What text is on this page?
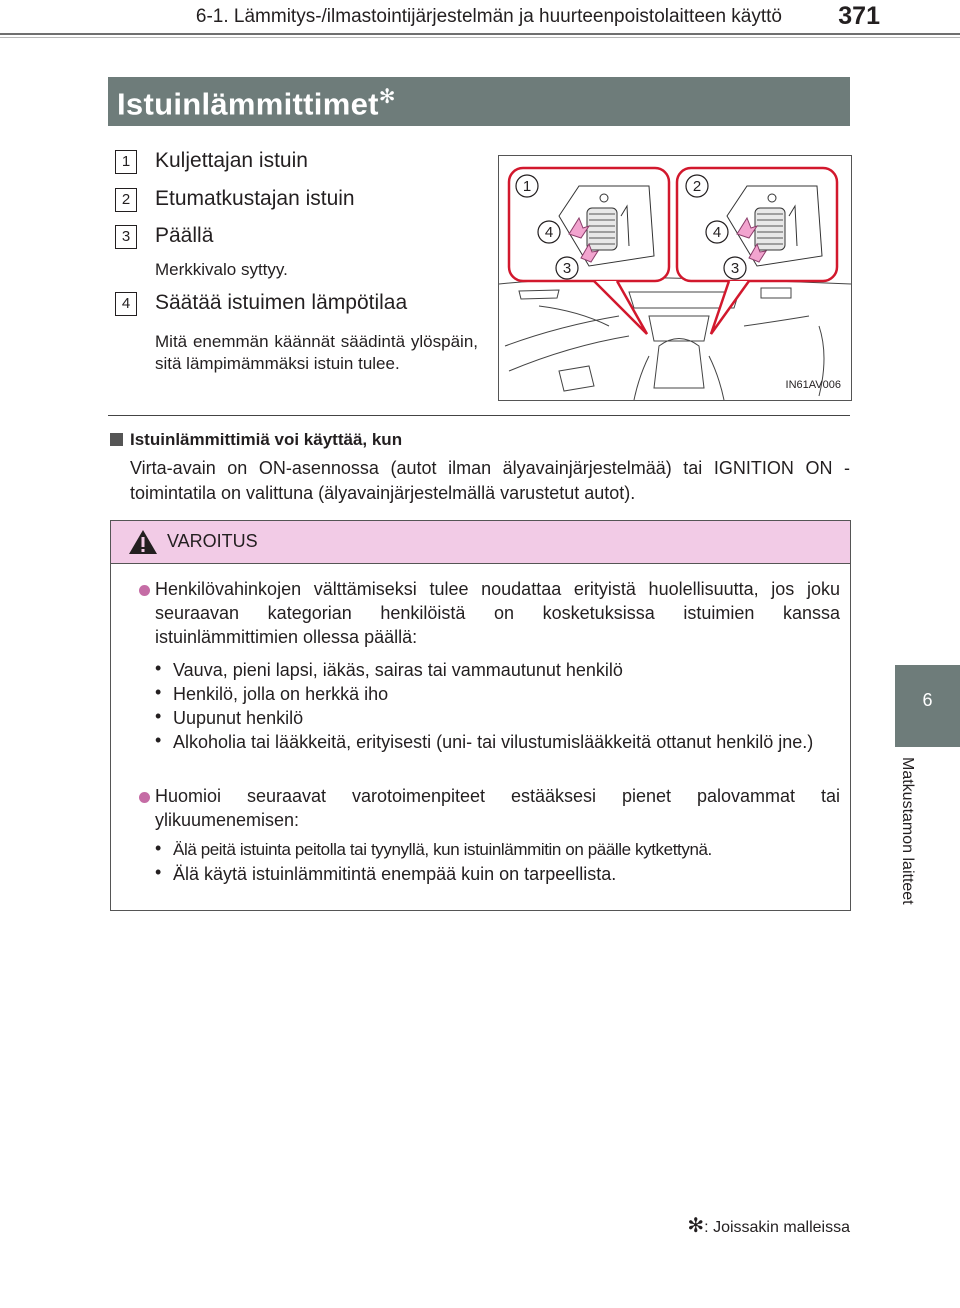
6-1. Lämmitys-/ilmastointijärjestelmän ja huurteenpoistolaitteen käyttö	371
Istuinlämmittimet✻
6
Matkustamon laitteet
1	Kuljettajan istuin
2	Etumatkustajan istuin
3	Päällä
Merkkivalo syttyy.
4	Säätää istuimen lämpötilaa
Mitä enemmän käännät säädintä ylöspäin, sitä lämpimämmäksi istuin tulee.
1
4
3
2
4
3
IN61AV006
Istuinlämmittimiä voi käyttää, kun
Virta-avain on ON-asennossa (autot ilman älyavainjärjestelmää) tai IGNITION ON -toimintatila on valittuna (älyavainjärjestelmällä varustetut autot).
VAROITUS
Henkilövahinkojen välttämiseksi tulee noudattaa erityistä huolellisuutta, jos joku seuraavan kategorian henkilöistä on kosketuksissa istuimien kanssa istuinlämmittimien ollessa päällä:
• Vauva, pieni lapsi, iäkäs, sairas tai vammautunut henkilö
• Henkilö, jolla on herkkä iho
• Uupunut henkilö
• Alkoholia tai lääkkeitä, erityisesti (uni- tai vilustumislääkkeitä ottanut henkilö jne.)
Huomioi seuraavat varotoimenpiteet estääksesi pienet palovammat tai ylikuumenemisen:
• Älä peitä istuinta peitolla tai tyynyllä, kun istuinlämmitin on päälle kytkettynä.
• Älä käytä istuinlämmitintä enempää kuin on tarpeellista.
✻: Joissakin malleissa
